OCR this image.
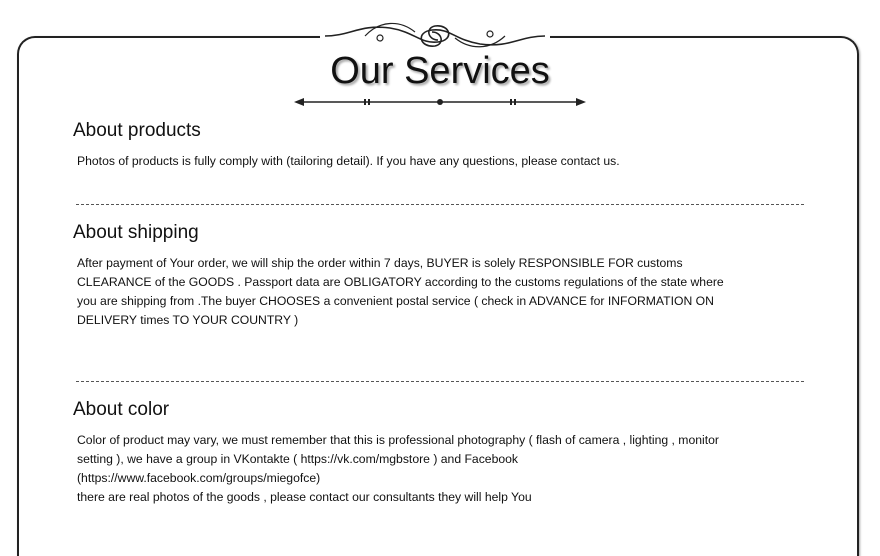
Our Services
About products

Photos of products is fully comply with (tailoring detail). If you have any questions, please contact us.

About shipping

After payment of Your order, we will ship the order within 7 days, BUYER is solely RESPONSIBLE FOR customs
CLEARANCE of the GOODS . Passport data are OBLIGATORY according to the customs regulations of the state where
you are shipping from .The buyer CHOOSES a convenient postal service ( check in ADVANCE for INFORMATION ON
DELIVERY times TO YOUR COUNTRY )

About color

Color of product may vary, we must remember that this is professional photography ( flash of camera , lighting , monitor
setting ), we have a group in VKontakte ( https://vk.com/mgbstore ) and Facebook
(https://www.facebook.com/groups/miegofce)
there are real photos of the goods , please contact our consultants they will help You
